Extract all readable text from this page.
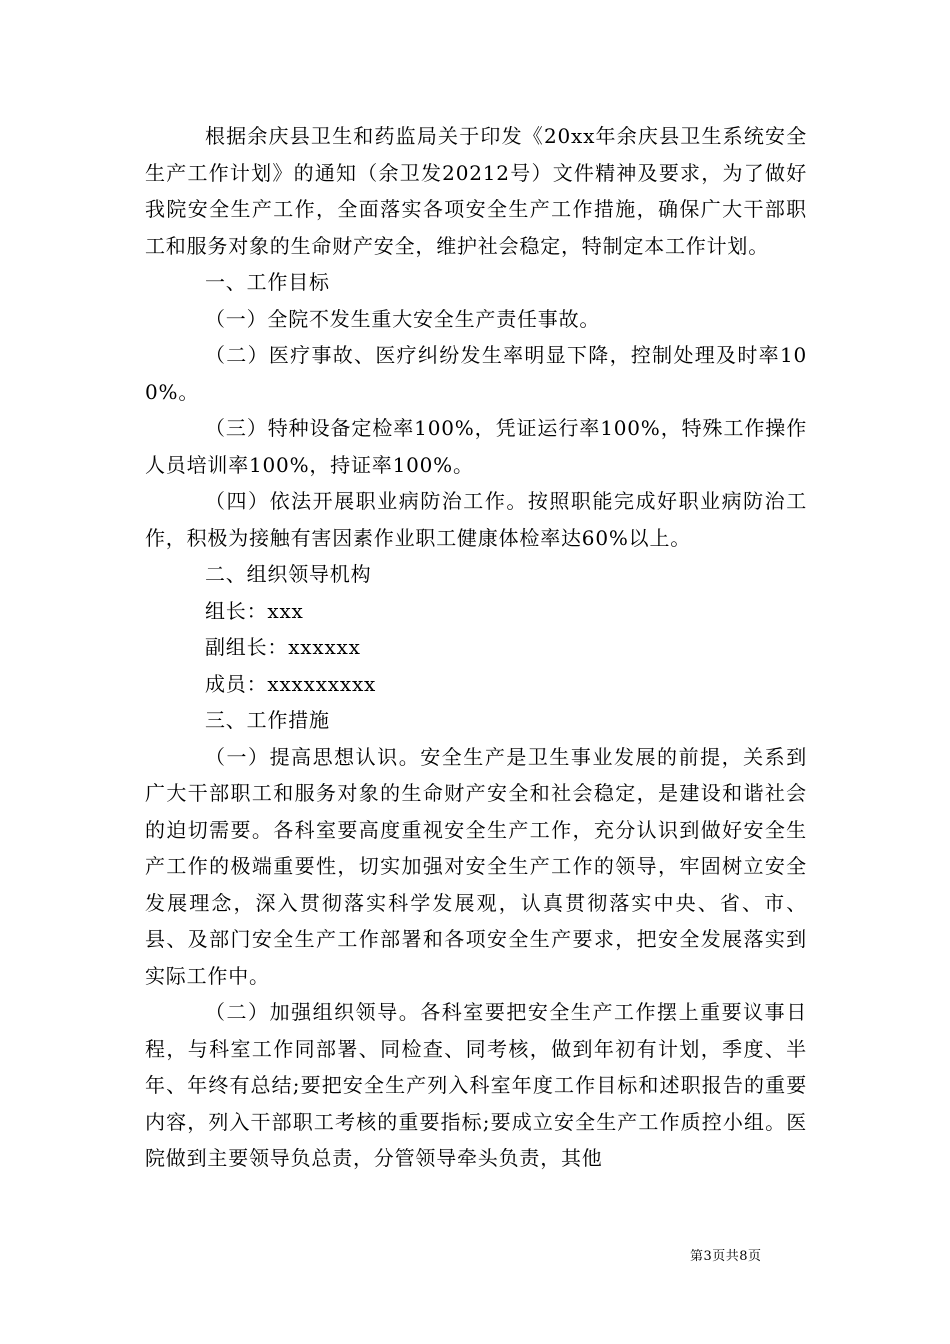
根据余庆县卫生和药监局关于印发《20xx年余庆县卫生系统安全生产工作计划》的通知（余卫发20212号）文件精神及要求，为了做好我院安全生产工作，全面落实各项安全生产工作措施，确保广大干部职工和服务对象的生命财产安全，维护社会稳定，特制定本工作计划。

一、工作目标

（一）全院不发生重大安全生产责任事故。

（二）医疗事故、医疗纠纷发生率明显下降，控制处理及时率100%。

（三）特种设备定检率100%，凭证运行率100%，特殊工作操作人员培训率100%，持证率100%。

（四）依法开展职业病防治工作。按照职能完成好职业病防治工作，积极为接触有害因素作业职工健康体检率达60%以上。

二、组织领导机构

组长：xxx

副组长：xxxxxx

成员：xxxxxxxxx

三、工作措施

（一）提高思想认识。安全生产是卫生事业发展的前提，关系到广大干部职工和服务对象的生命财产安全和社会稳定，是建设和谐社会的迫切需要。各科室要高度重视安全生产工作，充分认识到做好安全生产工作的极端重要性，切实加强对安全生产工作的领导，牢固树立安全发展理念，深入贯彻落实科学发展观，认真贯彻落实中央、省、市、县、及部门安全生产工作部署和各项安全生产要求，把安全发展落实到实际工作中。

（二）加强组织领导。各科室要把安全生产工作摆上重要议事日程，与科室工作同部署、同检查、同考核，做到年初有计划，季度、半年、年终有总结;要把安全生产列入科室年度工作目标和述职报告的重要内容，列入干部职工考核的重要指标;要成立安全生产工作质控小组。医院做到主要领导负总责，分管领导牵头负责，其他

第3页共8页
